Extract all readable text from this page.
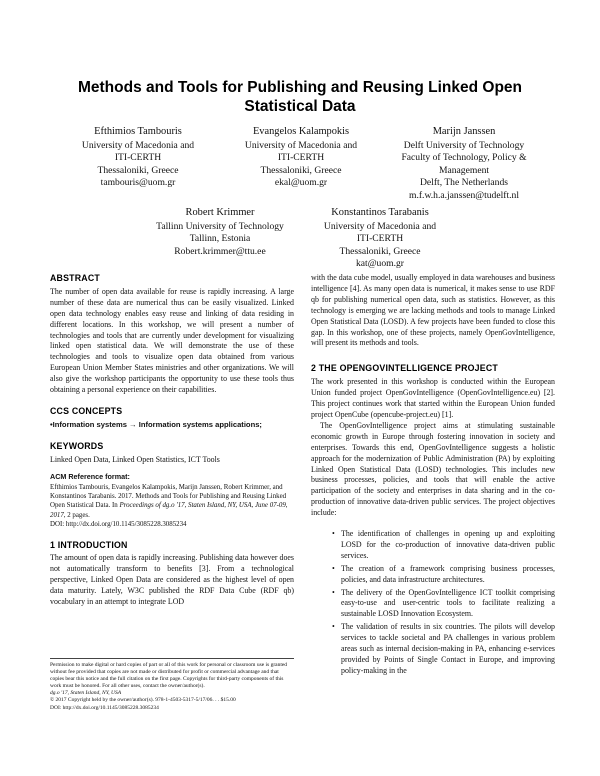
Methods and Tools for Publishing and Reusing Linked Open
Statistical Data
Efthimios Tambouris
University of Macedonia and
ITI-CERTH
Thessaloniki, Greece
tambouris@uom.gr
Evangelos Kalampokis
University of Macedonia and
ITI-CERTH
Thessaloniki, Greece
ekal@uom.gr
Marijn Janssen
Delft University of Technology
Faculty of Technology, Policy &
Management
Delft, The Netherlands
m.f.w.h.a.janssen@tudelft.nl
Robert Krimmer
Tallinn University of Technology
Tallinn, Estonia
Robert.krimmer@ttu.ee
Konstantinos Tarabanis
University of Macedonia and
ITI-CERTH
Thessaloniki, Greece
kat@uom.gr
ABSTRACT

The number of open data available for reuse is rapidly increasing. A large number of these data are numerical thus can be easily visualized. Linked open data technology enables easy reuse and linking of data residing in different locations. In this workshop, we will present a number of technologies and tools that are currently under development for visualizing linked open statistical data. We will demonstrate the use of these technologies and tools to visualize open data obtained from various European Union Member States ministries and other organizations. We will also give the workshop participants the opportunity to use these tools thus obtaining a personal experience on their capabilities.

CCS CONCEPTS

•Information systems → Information systems applications;

KEYWORDS

Linked Open Data, Linked Open Statistics, ICT Tools

ACM Reference format:

Efthimios Tambouris, Evangelos Kalampokis, Marijn Janssen, Robert Krimmer, and Konstantinos Tarabanis. 2017. Methods and Tools for Publishing and Reusing Linked Open Statistical Data. In Proceedings of dg.o '17, Staten Island, NY, USA, June 07-09, 2017, 2 pages.

DOI: http://dx.doi.org/10.1145/3085228.3085234

1 INTRODUCTION

The amount of open data is rapidly increasing. Publishing data however does not automatically transform to benefits [3]. From a technological perspective, Linked Open Data are considered as the highest level of open data maturity. Lately, W3C published the RDF Data Cube (RDF qb) vocabulary in an attempt to integrate LOD

Permission to make digital or hard copies of part or all of this work for personal or classroom use is granted without fee provided that copies are not made or distributed for profit or commercial advantage and that copies bear this notice and the full citation on the first page. Copyrights for third-party components of this work must be honored. For all other uses, contact the owner/author(s).

dg.o '17, Staten Island, NY, USA

© 2017 Copyright held by the owner/author(s). 978-1-4503-5317-5/17/06. . . $15.00

DOI: http://dx.doi.org/10.1145/3085228.3085234

with the data cube model, usually employed in data warehouses and business intelligence [4]. As many open data is numerical, it makes sense to use RDF qb for publishing numerical open data, such as statistics. However, as this technology is emerging we are lacking methods and tools to manage Linked Open Statistical Data (LOSD). A few projects have been funded to close this gap. In this workshop, one of these projects, namely OpenGovIntelligence, will present its methods and tools.

2 THE OPENGOVINTELLIGENCE PROJECT

The work presented in this workshop is conducted within the European Union funded project OpenGovIntelligence (OpenGovIntelligence.eu) [2]. This project continues work that started within the European Union funded project OpenCube (opencube-project.eu) [1].

The OpenGovIntelligence project aims at stimulating sustainable economic growth in Europe through fostering innovation in society and enterprises. Towards this end, OpenGovIntelligence suggests a holistic approach for the modernization of Public Administration (PA) by exploiting Linked Open Statistical Data (LOSD) technologies. This includes new business processes, policies, and tools that will enable the active participation of the society and enterprises in data sharing and in the co-production of innovative data-driven public services. The project objectives include:

• The identification of challenges in opening up and exploiting LOSD for the co-production of innovative data-driven public services.
• The creation of a framework comprising business processes, policies, and data infrastructure architectures.
• The delivery of the OpenGovIntelligence ICT toolkit comprising easy-to-use and user-centric tools to facilitate realizing a sustainable LOSD Innovation Ecosystem.
• The validation of results in six countries. The pilots will develop services to tackle societal and PA challenges in various problem areas such as internal decision-making in PA, enhancing e-services provided by Points of Single Contact in Europe, and improving policy-making in the
